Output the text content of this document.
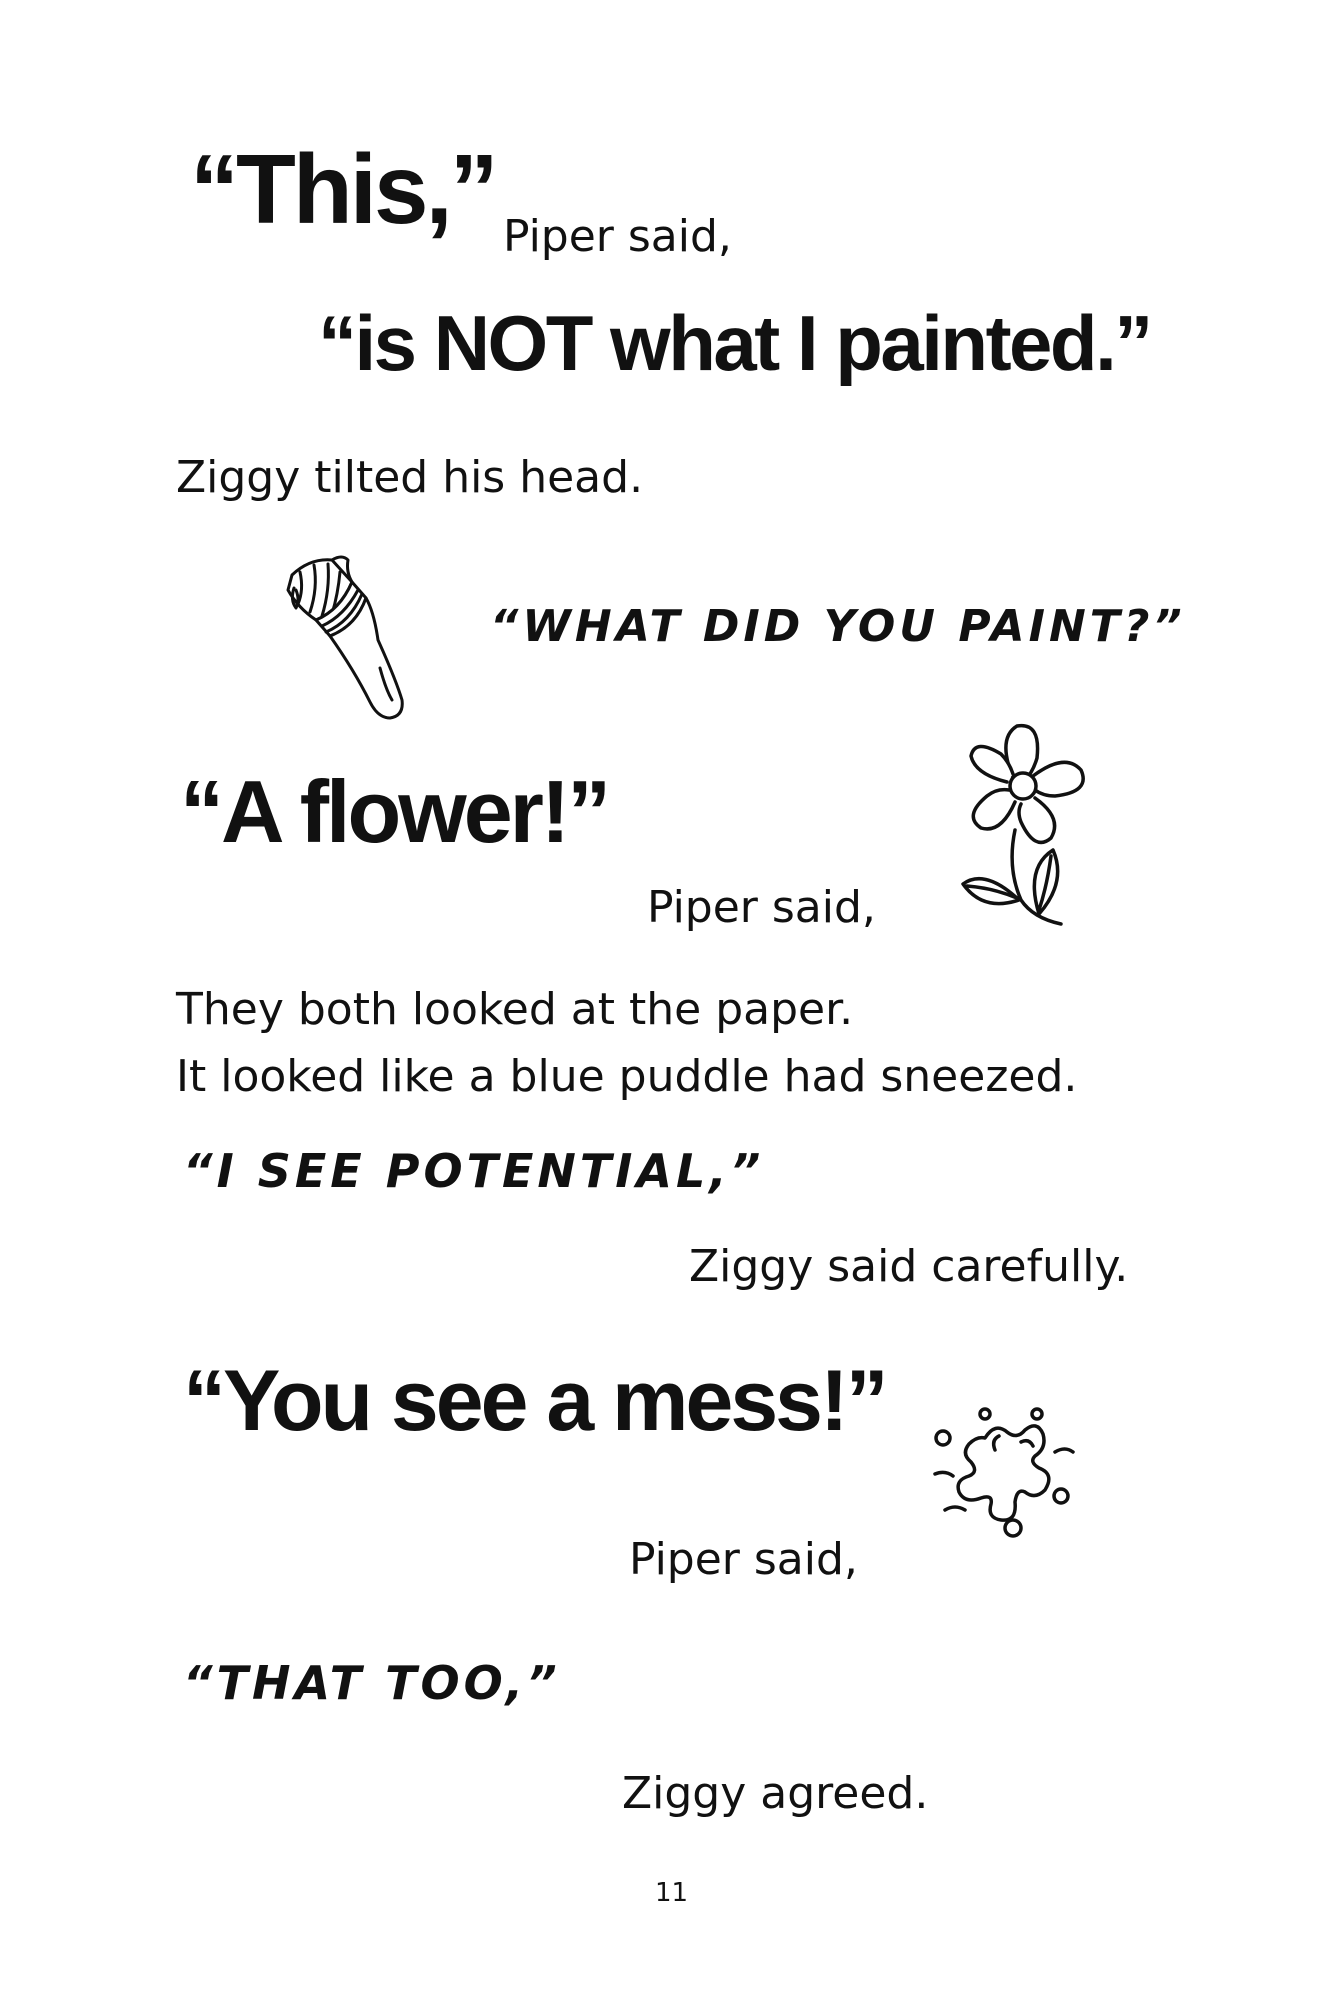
“This,” Piper said,

“is NOT what I painted.”

Ziggy tilted his head.

“WHAT DID YOU PAINT?”

“A flower!”

Piper said,

They both looked at the paper.

It looked like a blue puddle had sneezed.

“I SEE POTENTIAL,”

Ziggy said carefully.

“You see a mess!”

Piper said,

“THAT TOO,”

Ziggy agreed.

11
